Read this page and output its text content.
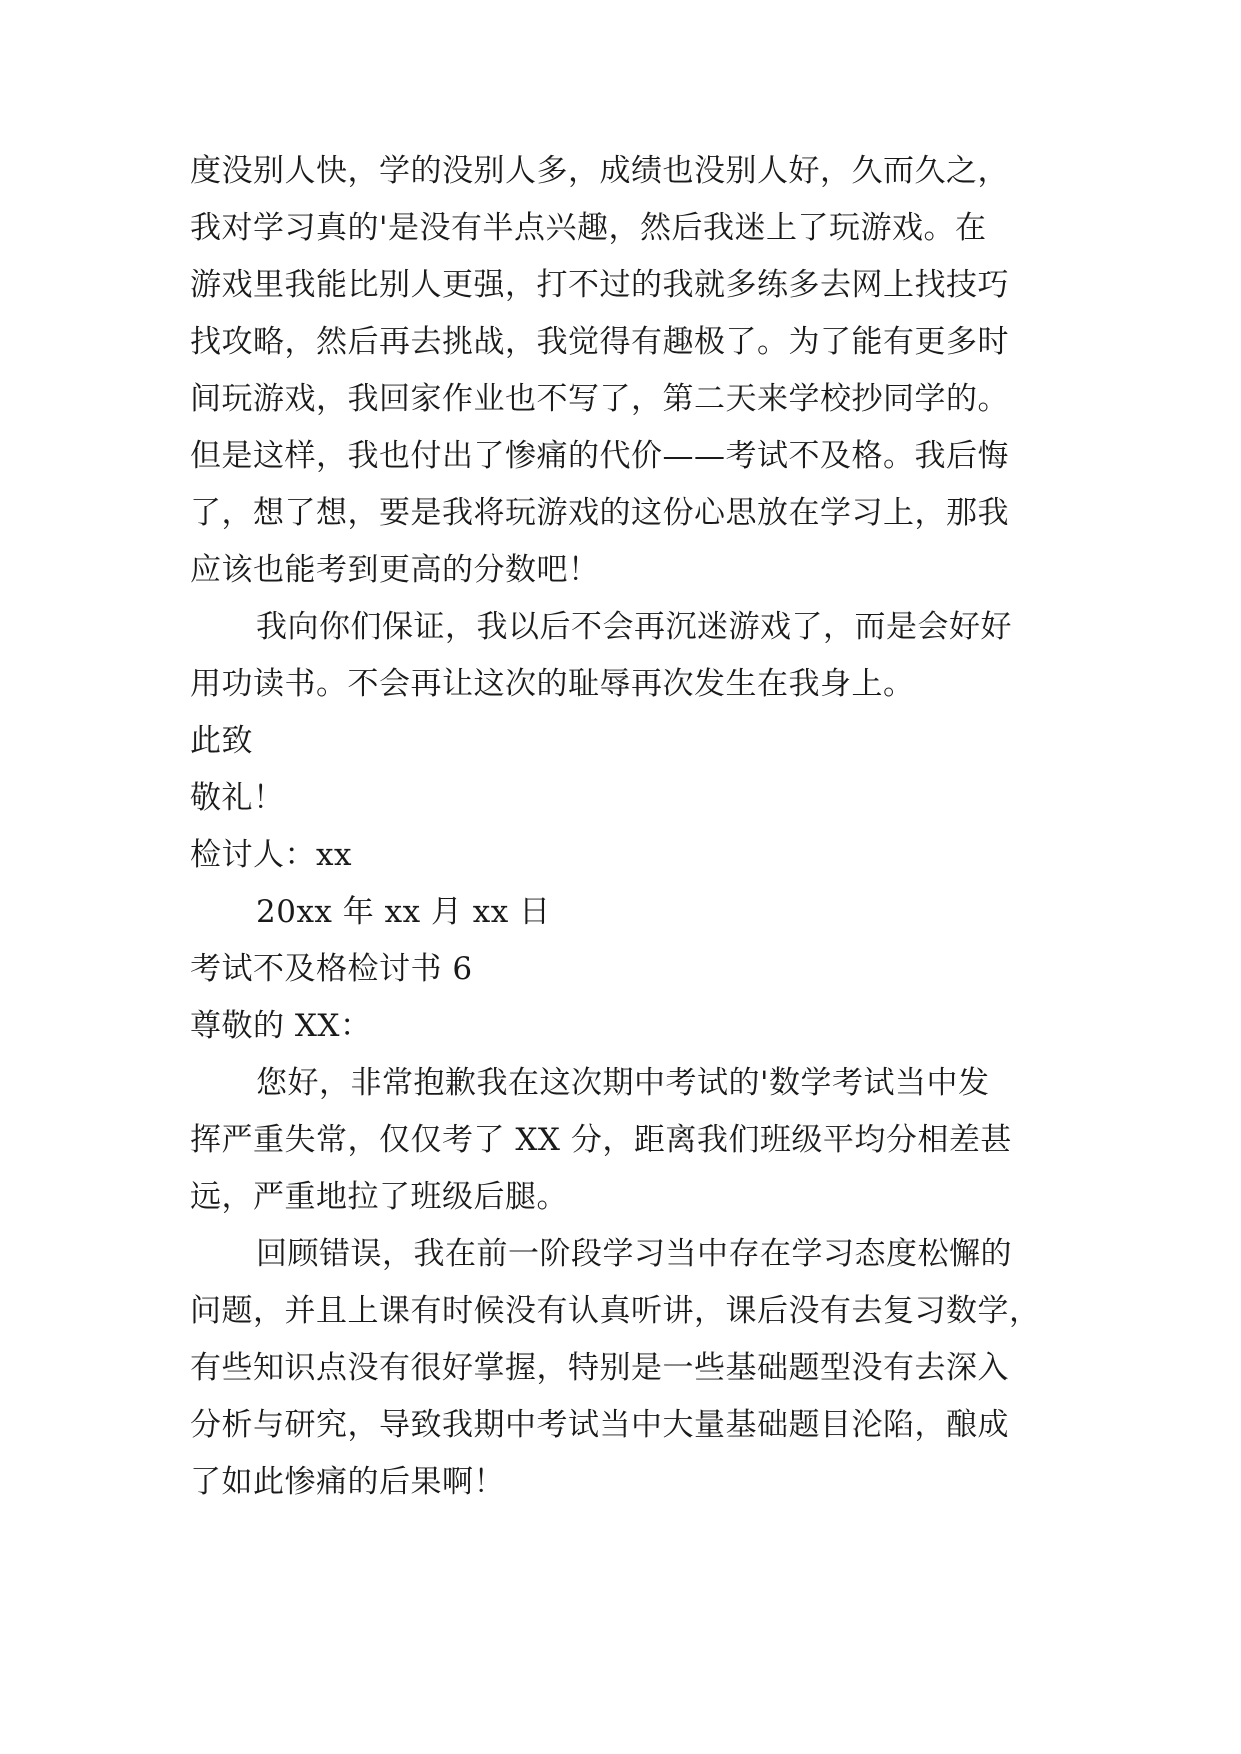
度没别人快，学的没别人多，成绩也没别人好，久而久之，
我对学习真的'是没有半点兴趣，然后我迷上了玩游戏。在
游戏里我能比别人更强，打不过的我就多练多去网上找技巧
找攻略，然后再去挑战，我觉得有趣极了。为了能有更多时
间玩游戏，我回家作业也不写了，第二天来学校抄同学的。
但是这样，我也付出了惨痛的代价——考试不及格。我后悔
了，想了想，要是我将玩游戏的这份心思放在学习上，那我
应该也能考到更高的分数吧！
我向你们保证，我以后不会再沉迷游戏了，而是会好好
用功读书。不会再让这次的耻辱再次发生在我身上。
此致
敬礼！
检讨人：xx
20xx 年 xx 月 xx 日
考试不及格检讨书 6
尊敬的 XX：
您好，非常抱歉我在这次期中考试的'数学考试当中发
挥严重失常，仅仅考了 XX 分，距离我们班级平均分相差甚
远，严重地拉了班级后腿。
回顾错误，我在前一阶段学习当中存在学习态度松懈的
问题，并且上课有时候没有认真听讲，课后没有去复习数学，
有些知识点没有很好掌握，特别是一些基础题型没有去深入
分析与研究，导致我期中考试当中大量基础题目沦陷，酿成
了如此惨痛的后果啊！
